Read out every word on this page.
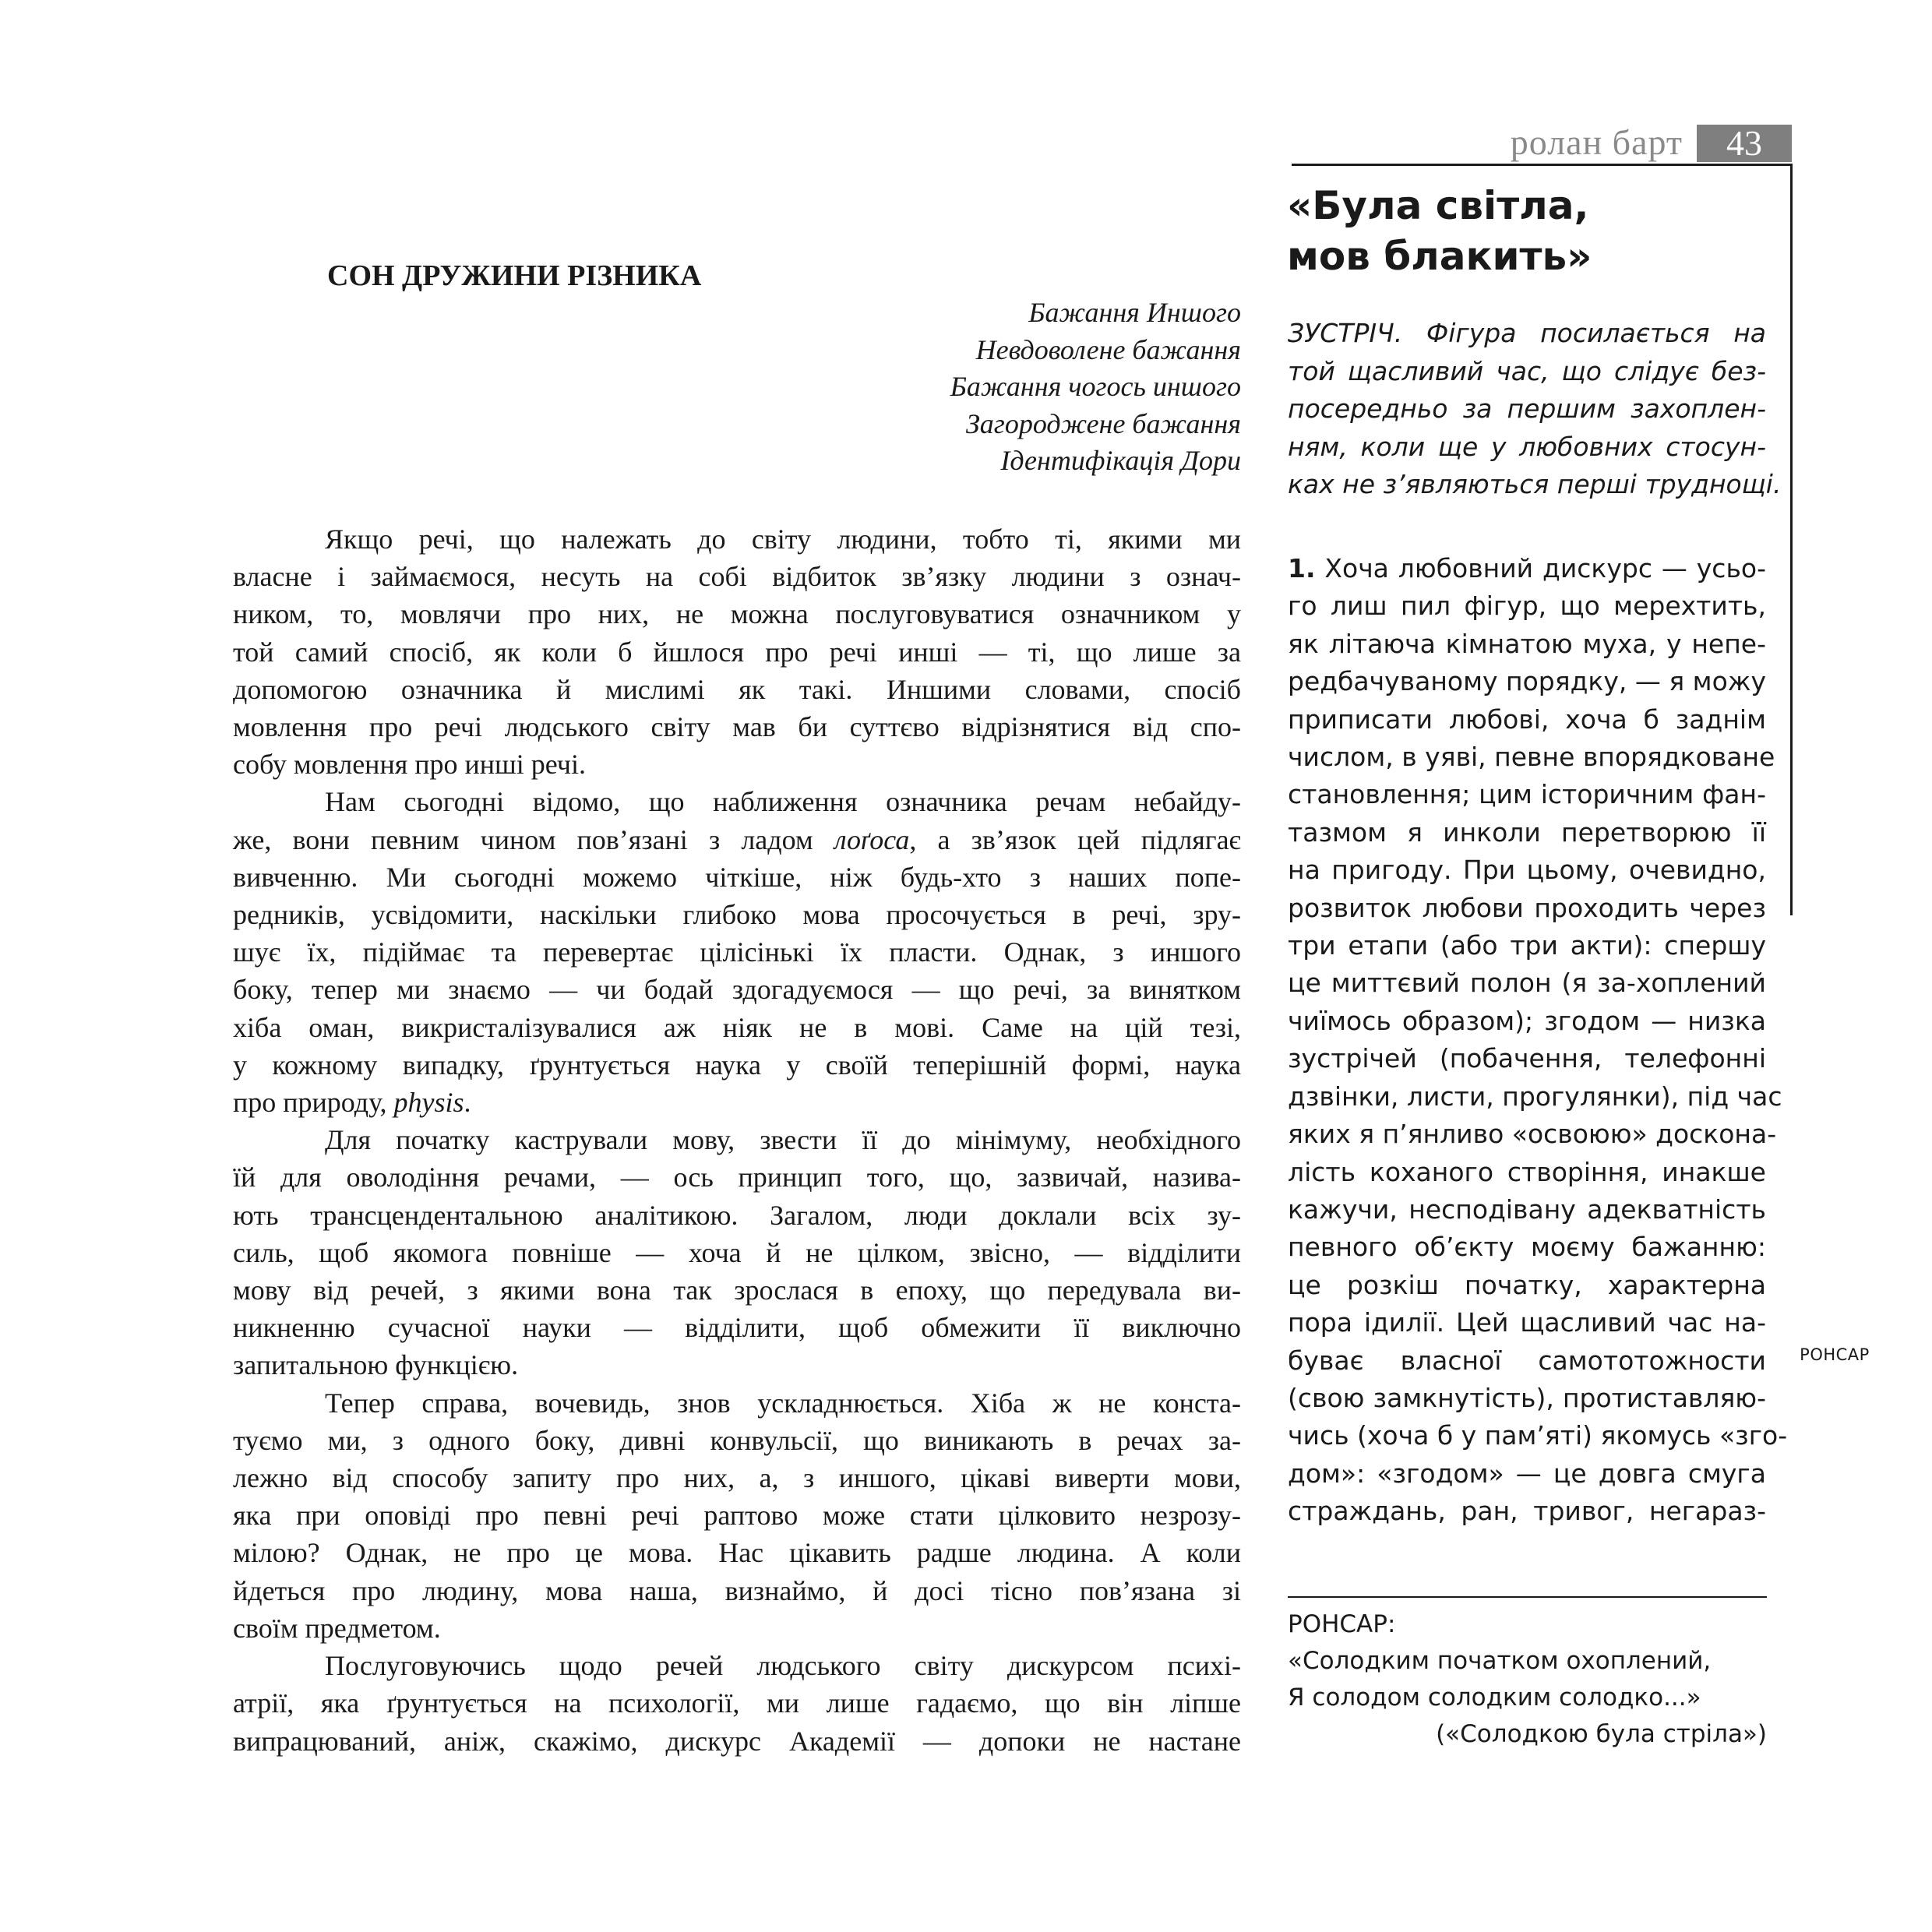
ролан барт	43
СОН ДРУЖИНИ РІЗНИКА
Бажання Иншого
Невдоволене бажання
Бажання чогось иншого
Загороджене бажання
Ідентифікація Дори
Якщо речі, що належать до світу людини, тобто ті, якими ми
власне і займаємося, несуть на собі відбиток зв’язку людини з означ-
ником, то, мовлячи про них, не можна послуговуватися означником у
той самий спосіб, як коли б йшлося про речі инші — ті, що лише за
допомогою означника й мислимі як такі. Иншими словами, спосіб
мовлення про речі людського світу мав би суттєво відрізнятися від спо-
собу мовлення про инші речі.
Нам сьогодні відомо, що наближення означника речам небайду-
же, вони певним чином пов’язані з ладом лоґоса, а зв’язок цей підлягає
вивченню. Ми сьогодні можемо чіткіше, ніж будь-хто з наших попе-
редників, усвідомити, наскільки глибоко мова просочується в речі, зру-
шує їх, підіймає та перевертає цілісінькі їх пласти. Однак, з иншого
боку, тепер ми знаємо — чи бодай здогадуємося — що речі, за винятком
хіба оман, викристалізувалися аж ніяк не в мові. Саме на цій тезі,
у кожному випадку, ґрунтується наука у своїй теперішній формі, наука
про природу, physis.
Для початку кастрували мову, звести її до мінімуму, необхідного
їй для оволодіння речами, — ось принцип того, що, зазвичай, назива-
ють трансцендентальною аналітикою. Загалом, люди доклали всіх зу-
силь, щоб якомога повніше — хоча й не цілком, звісно, — відділити
мову від речей, з якими вона так зрослася в епоху, що передувала ви-
никненню сучасної науки — відділити, щоб обмежити її виключно
запитальною функцією.
Тепер справа, вочевидь, знов ускладнюється. Хіба ж не конста-
туємо ми, з одного боку, дивні конвульсії, що виникають в речах за-
лежно від способу запиту про них, а, з иншого, цікаві виверти мови,
яка при оповіді про певні речі раптово може стати цілковито незрозу-
мілою? Однак, не про це мова. Нас цікавить радше людина. А коли
йдеться про людину, мова наша, визнаймо, й досі тісно пов’язана зі
своїм предметом.
Послуговуючись щодо речей людського світу дискурсом психі-
атрії, яка ґрунтується на психології, ми лише гадаємо, що він ліпше
випрацюваний, аніж, скажімо, дискурс Академії — допоки не настане
«Була світла,
мов блакить»
ЗУСТРІЧ. Фігура посилається на
той щасливий час, що слідує без-
посередньо за першим захоплен-
ням, коли ще у любовних стосун-
ках не з’являються перші труднощі.
1. Хоча любовний дискурс — усьо-
го лиш пил фігур, що мерехтить,
як літаюча кімнатою муха, у непе-
редбачуваному порядку, — я можу
приписати любові, хоча б заднім
числом, в уяві, певне впорядковане
становлення; цим історичним фан-
тазмом я инколи перетворюю її
на пригоду. При цьому, очевидно,
розвиток любови проходить через
три етапи (або три акти): спершу
це миттєвий полон (я за-хоплений
чиїмось образом); згодом — низка
зустрічей (побачення, телефонні
дзвінки, листи, прогулянки), під час
яких я п’янливо «освоюю» доскона-
лість коханого створіння, инакше
кажучи, несподівану адекватність
певного об’єкту моєму бажанню:
це розкіш початку, характерна
пора ідилії. Цей щасливий час на-
буває власної самототожности
(свою замкнутість), протиставляю-
чись (хоча б у пам’яті) якомусь «зго-
дом»: «згодом» — це довга смуга
страждань, ран, тривог, негараз-
РОНСАР
РОНСАР:
«Солодким початком охоплений,
Я солодом солодким солодко...»
(«Солодкою була стріла»)
